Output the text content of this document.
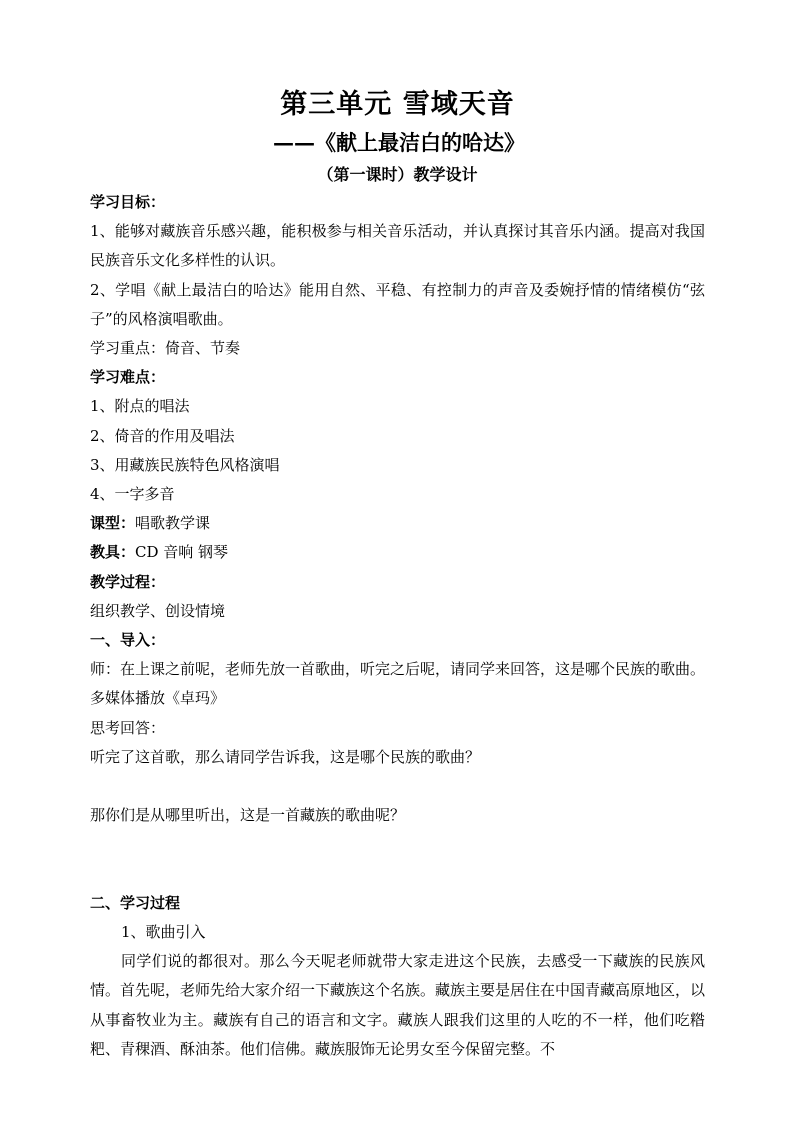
第三单元 雪域天音
——《献上最洁白的哈达》
（第一课时）教学设计

学习目标：

1、能够对藏族音乐感兴趣，能积极参与相关音乐活动，并认真探讨其音乐内涵。提高对我国民族音乐文化多样性的认识。

2、学唱《献上最洁白的哈达》能用自然、平稳、有控制力的声音及委婉抒情的情绪模仿“弦子”的风格演唱歌曲。

学习重点：倚音、节奏

学习难点：

1、附点的唱法

2、倚音的作用及唱法

3、用藏族民族特色风格演唱

4、一字多音

课型：唱歌教学课

教具：CD 音响 钢琴

教学过程：

组织教学、创设情境

一、导入：

师：在上课之前呢，老师先放一首歌曲，听完之后呢，请同学来回答，这是哪个民族的歌曲。多媒体播放《卓玛》

思考回答：

听完了这首歌，那么请同学告诉我，这是哪个民族的歌曲？

那你们是从哪里听出，这是一首藏族的歌曲呢？

二、学习过程

1、歌曲引入

同学们说的都很对。那么今天呢老师就带大家走进这个民族，去感受一下藏族的民族风情。首先呢，老师先给大家介绍一下藏族这个名族。藏族主要是居住在中国青藏高原地区，以从事畜牧业为主。藏族有自己的语言和文字。藏族人跟我们这里的人吃的不一样，他们吃糌粑、青稞酒、酥油茶。他们信佛。藏族服饰无论男女至今保留完整。不
